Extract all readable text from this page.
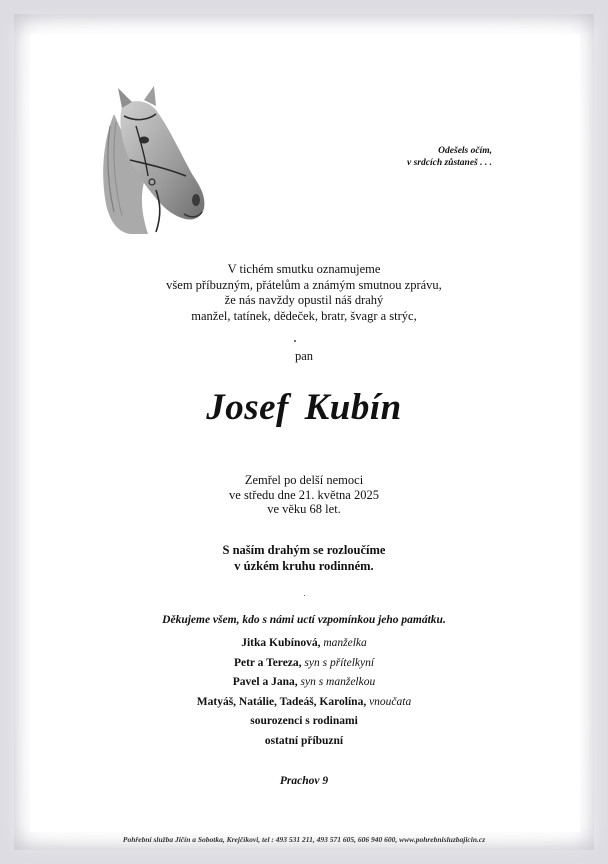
Odešels očím,
v srdcích zůstaneš . . .
V tichém smutku oznamujeme
všem příbuzným, přátelům a známým smutnou zprávu,
že nás navždy opustil náš drahý
manžel, tatínek, dědeček, bratr, švagr a strýc,
pan
Josef Kubín
Zemřel po delší nemoci
ve středu dne 21. května 2025
ve věku 68 let.
S naším drahým se rozloučíme
v úzkém kruhu rodinném.
Děkujeme všem, kdo s námi uctí vzpomínkou jeho památku.
Jitka Kubínová, manželka
Petr a Tereza, syn s přítelkyní
Pavel a Jana, syn s manželkou
Matyáš, Natálie, Tadeáš, Karolína, vnoučata
sourozenci s rodinami
ostatní příbuzní
Prachov 9
Pohřební služba Jičín a Sobotka, Krejčíkovi, tel : 493 531 211, 493 571 605, 606 940 600, www.pohrebnisluzbajicin.cz
